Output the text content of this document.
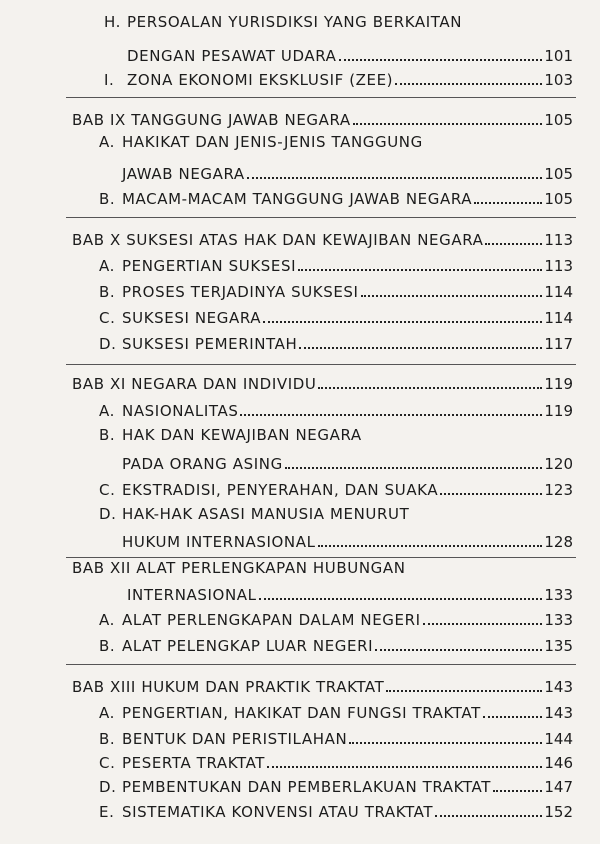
H. PERSOALAN YURISDIKSI YANG BERKAITAN
DENGAN PESAWAT UDARA	101
I. ZONA EKONOMI EKSKLUSIF (ZEE)	103
BAB IX TANGGUNG JAWAB NEGARA	105
A. HAKIKAT DAN JENIS-JENIS TANGGUNG
JAWAB NEGARA	105
B. MACAM-MACAM TANGGUNG JAWAB NEGARA	105
BAB X SUKSESI ATAS HAK DAN KEWAJIBAN NEGARA	113
A. PENGERTIAN SUKSESI	113
B. PROSES TERJADINYA SUKSESI	114
C. SUKSESI NEGARA	114
D. SUKSESI PEMERINTAH	117
BAB XI NEGARA DAN INDIVIDU	119
A. NASIONALITAS	119
B. HAK DAN KEWAJIBAN NEGARA
PADA ORANG ASING	120
C. EKSTRADISI, PENYERAHAN, DAN SUAKA	123
D. HAK-HAK ASASI MANUSIA MENURUT
HUKUM INTERNASIONAL	128
BAB XII ALAT PERLENGKAPAN HUBUNGAN
INTERNASIONAL	133
A. ALAT PERLENGKAPAN DALAM NEGERI	133
B. ALAT PELENGKAP LUAR NEGERI	135
BAB XIII HUKUM DAN PRAKTIK TRAKTAT	143
A. PENGERTIAN, HAKIKAT DAN FUNGSI TRAKTAT	143
B. BENTUK DAN PERISTILAHAN	144
C. PESERTA TRAKTAT	146
D. PEMBENTUKAN DAN PEMBERLAKUAN TRAKTAT	147
E. SISTEMATIKA KONVENSI ATAU TRAKTAT	152
